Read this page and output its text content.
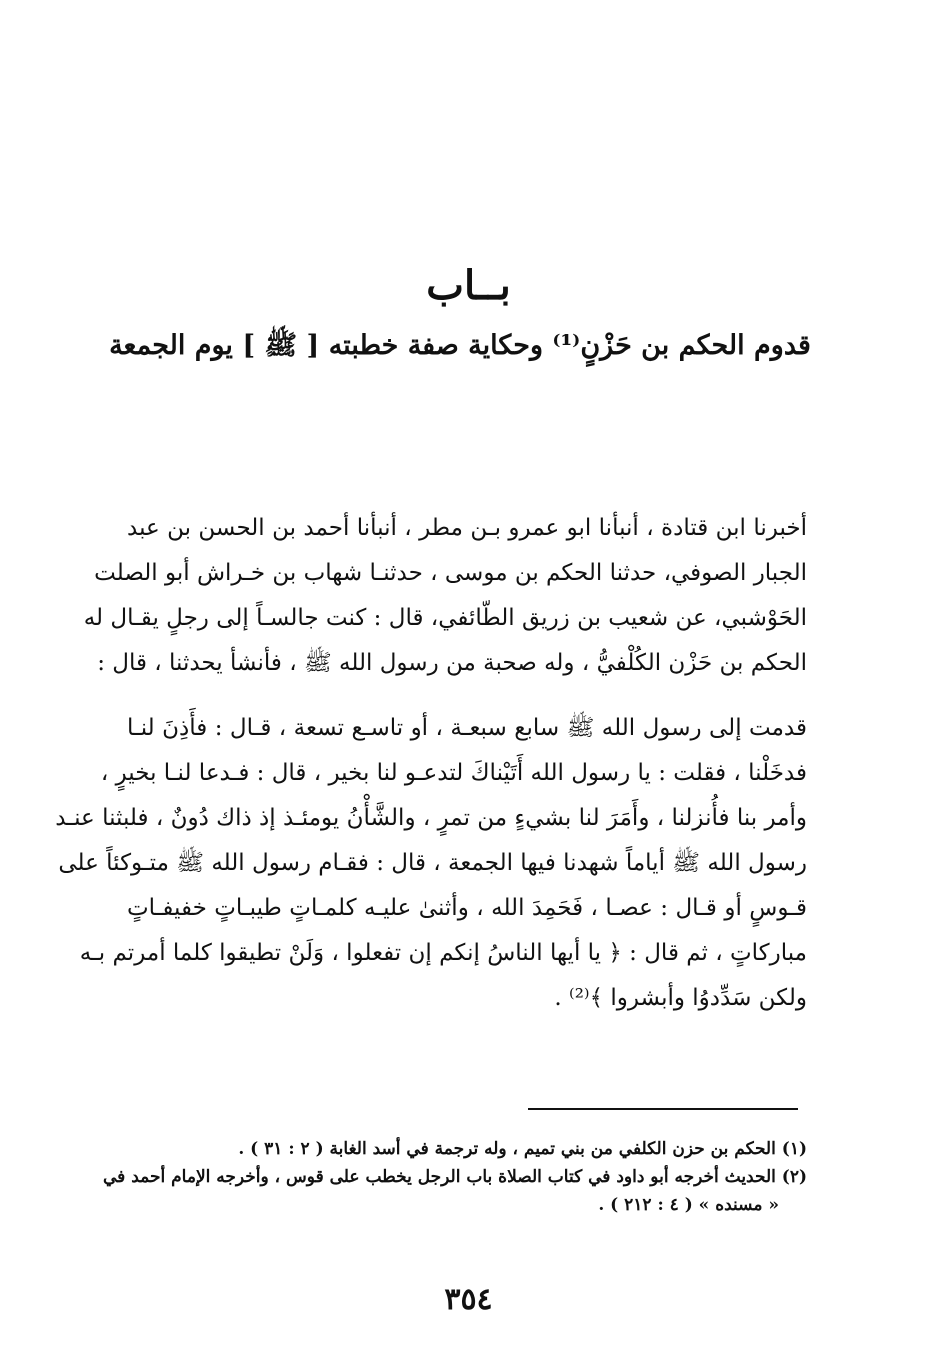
بــاب
قدوم الحكم بن حَزْنٍ⁽¹⁾ وحكاية صفة خطبته [ ﷺ ] يوم الجمعة
أخبرنا ابن قتادة ، أنبأنا ابو عمرو بـن مطر ، أنبأنا أحمد بن الحسن بن عبد
الجبار الصوفي، حدثنا الحكم بن موسى ، حدثنـا شهاب بن خـراش أبو الصلت
الحَوْشبي، عن شعيب بن زريق الطّائفي، قال : كنت جالسـاً إلى رجلٍ يقـال له
الحكم بن حَزْن الكُلْفيُّ ، وله صحبة من رسول الله ﷺ ، فأنشأ يحدثنا ، قال :
قدمت إلى رسول الله ﷺ سابع سبعـة ، أو تاسـع تسعة ، قـال : فأَذِنَ لنـا
فدخَلْنا ، فقلت : يا رسول الله أَتَيْناكَ لتدعـو لنا بخير ، قال : فـدعا لنـا بخيرٍ ،
وأمر بنا فأُنزلنا ، وأَمَرَ لنا بشيءٍ من تمرٍ ، والشَّأْنُ يومئـذ إذ ذاك دُونٌ ، فلبثنا عنـد
رسول الله ﷺ أياماً شهدنا فيها الجمعة ، قال : فقـام رسول الله ﷺ متـوكئاً على
قـوسٍ أو قـال : عصـا ، فَحَمِدَ الله ، وأثنىٰ عليـه كلمـاتٍ طيبـاتٍ خفيفـاتٍ
مباركاتٍ ، ثم قال : ﴿ يا أيها الناسُ إنكم إن تفعلوا ، وَلَنْ تطيقوا كلما أمرتم بـه
ولكن سَدِّدوُا وأبشروا ﴾⁽²⁾ .
(١) الحكم بن حزن الكلفي من بني تميم ، وله ترجمة في أسد الغابة ( ٢ : ٣١ ) .
(٢) الحديث أخرجه أبو داود في كتاب الصلاة باب الرجل يخطب على قوس ، وأخرجه الإمام أحمد في
« مسنده » ( ٤ : ٢١٢ ) .
٣٥٤
